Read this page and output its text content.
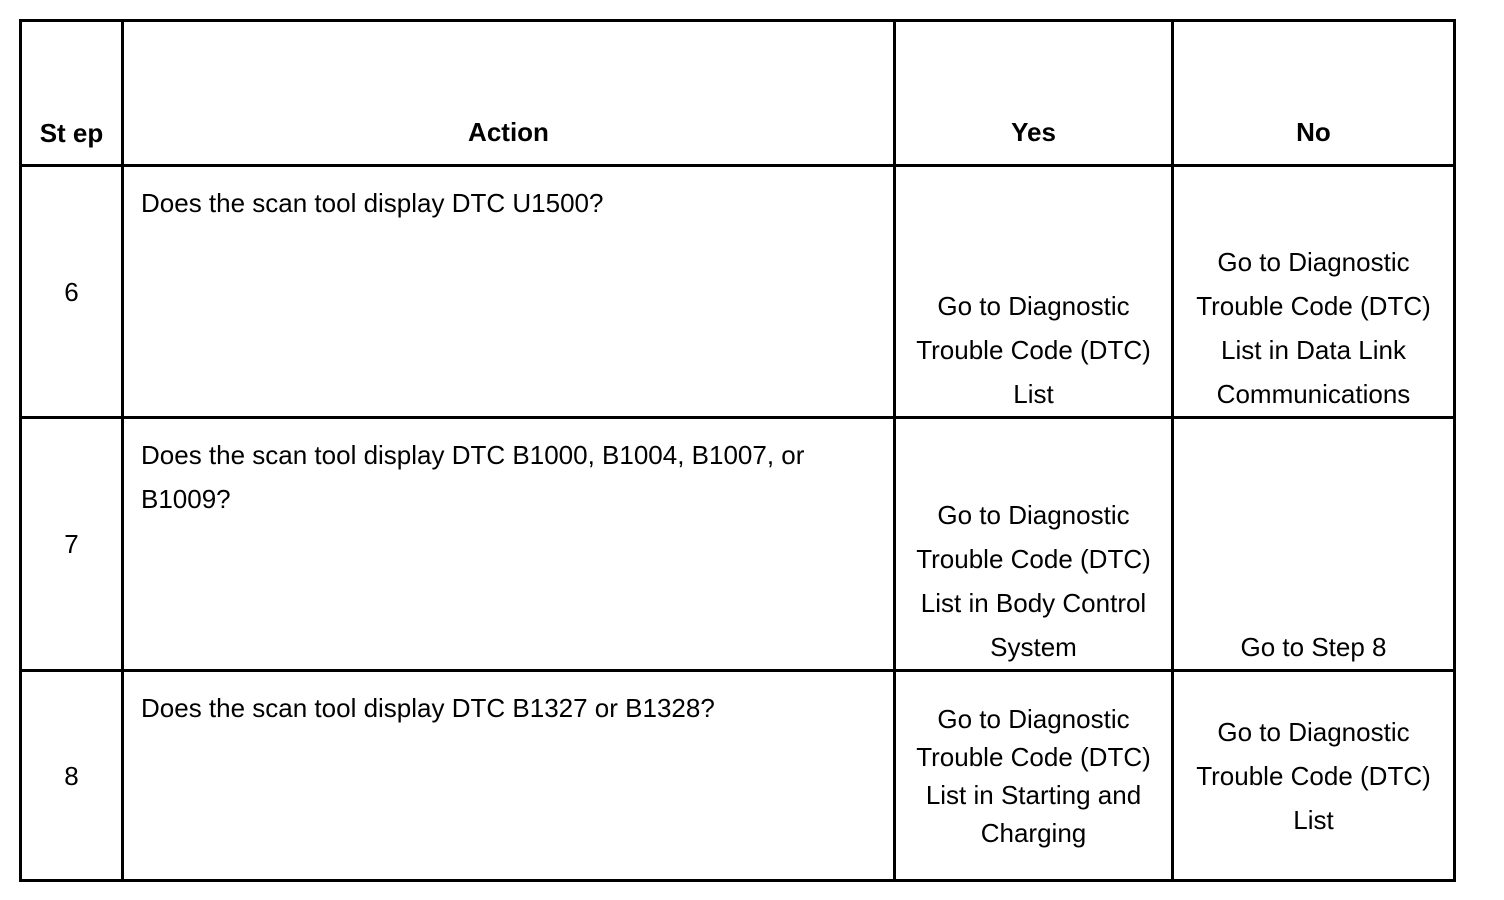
St ep	Action	Yes	No
6	Does the scan tool display DTC U1500?	Go to Diagnostic Trouble Code (DTC) List	Go to Diagnostic Trouble Code (DTC) List in Data Link Communications
7	Does the scan tool display DTC B1000, B1004, B1007, or B1009?	Go to Diagnostic Trouble Code (DTC) List in Body Control System	Go to Step 8
8	Does the scan tool display DTC B1327 or B1328?	Go to Diagnostic Trouble Code (DTC) List in Starting and Charging	Go to Diagnostic Trouble Code (DTC) List
